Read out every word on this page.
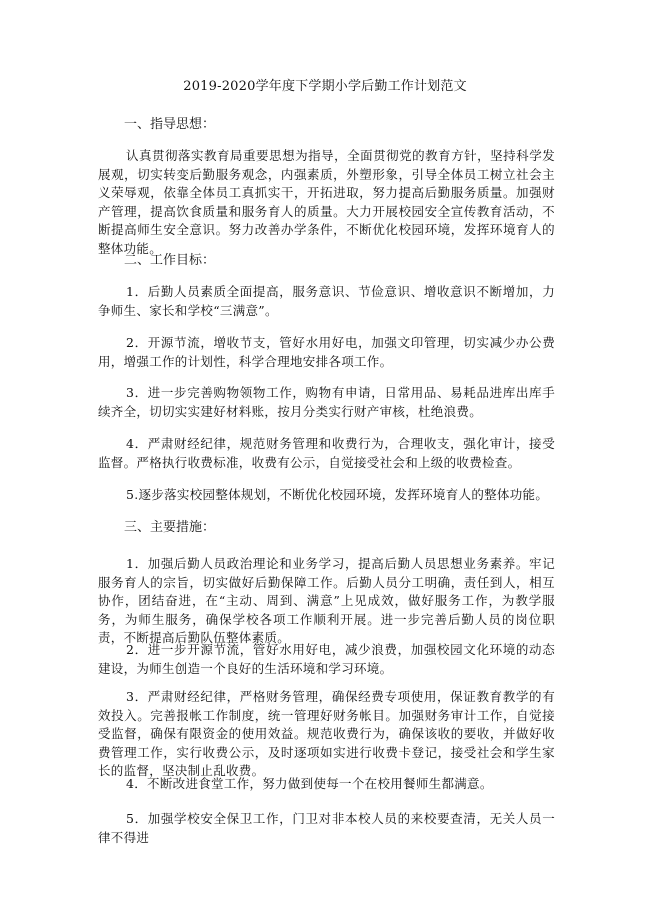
2019-2020学年度下学期小学后勤工作计划范文
一、指导思想：
认真贯彻落实教育局重要思想为指导，全面贯彻党的教育方针，坚持科学发展观，切实转变后勤服务观念，内强素质，外塑形象，引导全体员工树立社会主义荣辱观，依靠全体员工真抓实干，开拓进取，努力提高后勤服务质量。加强财产管理，提高饮食质量和服务育人的质量。大力开展校园安全宣传教育活动，不断提高师生安全意识。努力改善办学条件，不断优化校园环境，发挥环境育人的整体功能。
二、工作目标：
1．后勤人员素质全面提高，服务意识、节俭意识、增收意识不断增加，力争师生、家长和学校“三满意”。
2．开源节流，增收节支，管好水用好电，加强文印管理，切实减少办公费用，增强工作的计划性，科学合理地安排各项工作。
3．进一步完善购物领物工作，购物有申请，日常用品、易耗品进库出库手续齐全，切切实实建好材料账，按月分类实行财产审核，杜绝浪费。
4．严肃财经纪律，规范财务管理和收费行为，合理收支，强化审计，接受监督。严格执行收费标准，收费有公示，自觉接受社会和上级的收费检查。
5.逐步落实校园整体规划，不断优化校园环境，发挥环境育人的整体功能。
三、主要措施：
1．加强后勤人员政治理论和业务学习，提高后勤人员思想业务素养。牢记服务育人的宗旨，切实做好后勤保障工作。后勤人员分工明确，责任到人，相互协作，团结奋进，在“主动、周到、满意”上见成效，做好服务工作，为教学服务，为师生服务，确保学校各项工作顺利开展。进一步完善后勤人员的岗位职责，不断提高后勤队伍整体素质。
2．进一步开源节流，管好水用好电，减少浪费，加强校园文化环境的动态建设，为师生创造一个良好的生活环境和学习环境。
3．严肃财经纪律，严格财务管理，确保经费专项使用，保证教育教学的有效投入。完善报帐工作制度，统一管理好财务帐目。加强财务审计工作，自觉接受监督，确保有限资金的使用效益。规范收费行为，确保该收的要收，并做好收费管理工作，实行收费公示，及时逐项如实进行收费卡登记，接受社会和学生家长的监督，坚决制止乱收费。
4．不断改进食堂工作，努力做到使每一个在校用餐师生都满意。
5．加强学校安全保卫工作，门卫对非本校人员的来校要查清，无关人员一律不得进
